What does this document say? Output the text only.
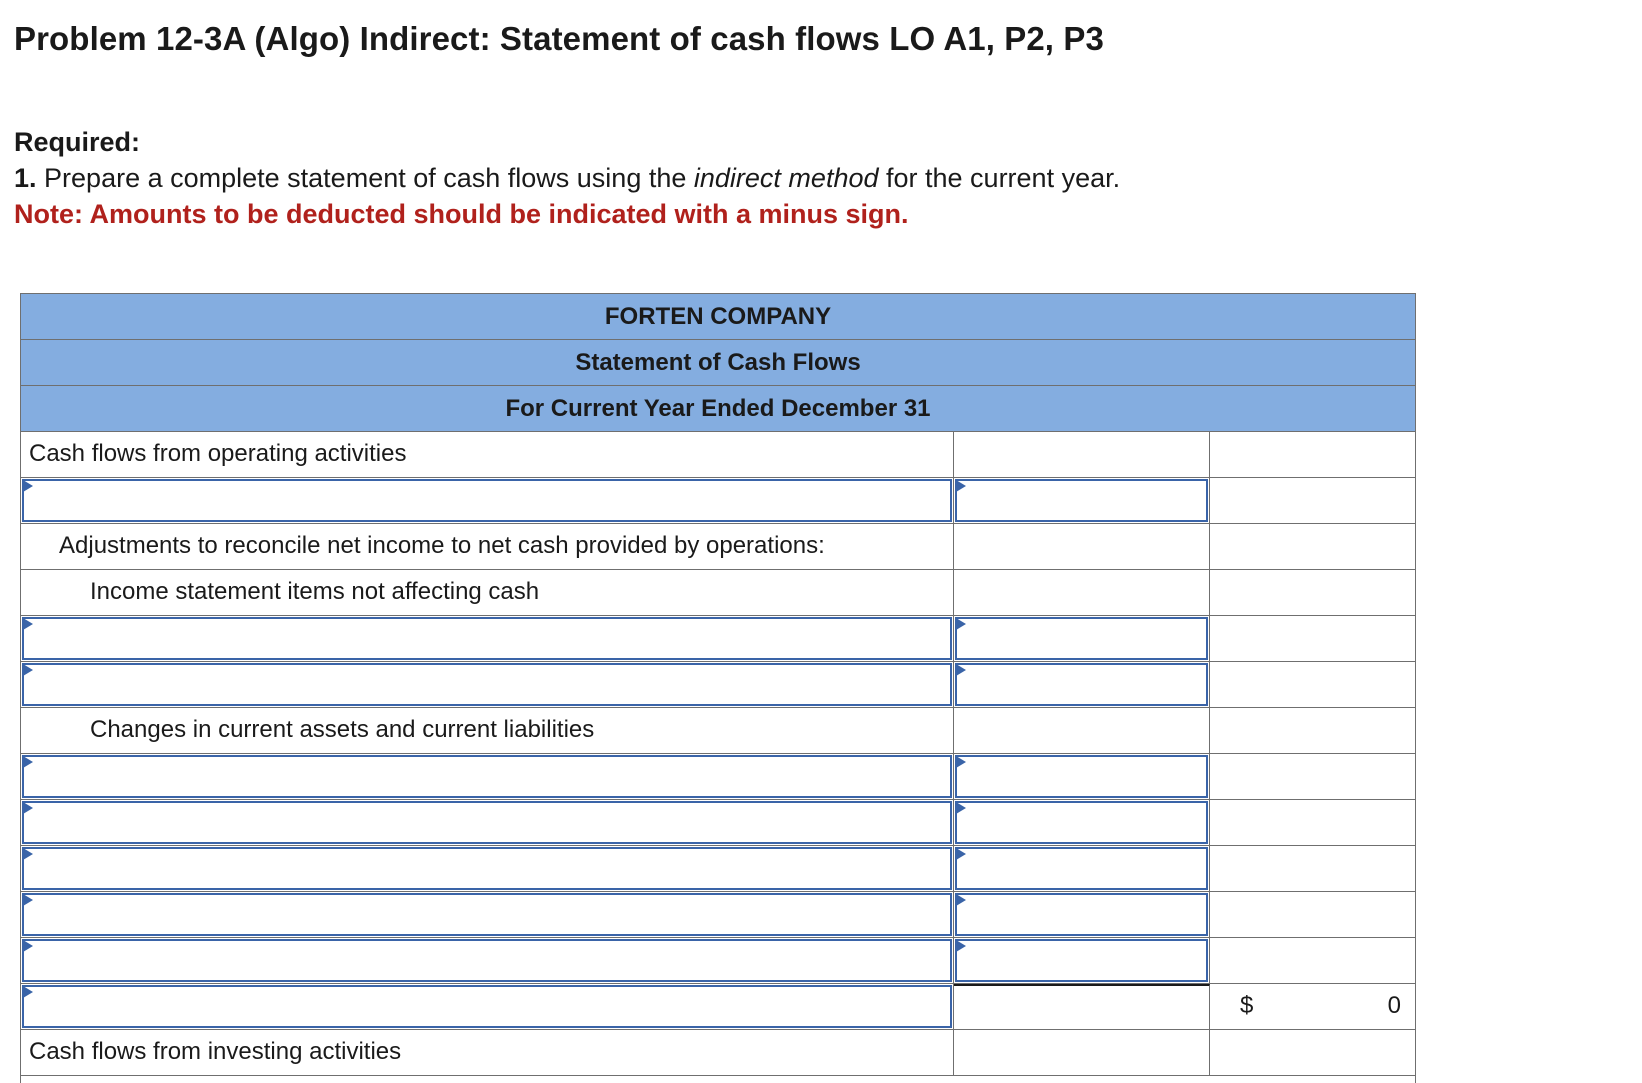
Problem 12-3A (Algo) Indirect: Statement of cash flows LO A1, P2, P3
Required:
1. Prepare a complete statement of cash flows using the indirect method for the current year.
Note: Amounts to be deducted should be indicated with a minus sign.
FORTEN COMPANY
Statement of Cash Flows
For Current Year Ended December 31
Cash flows from operating activities
Adjustments to reconcile net income to net cash provided by operations:
Income statement items not affecting cash
Changes in current assets and current liabilities
$	0
Cash flows from investing activities
